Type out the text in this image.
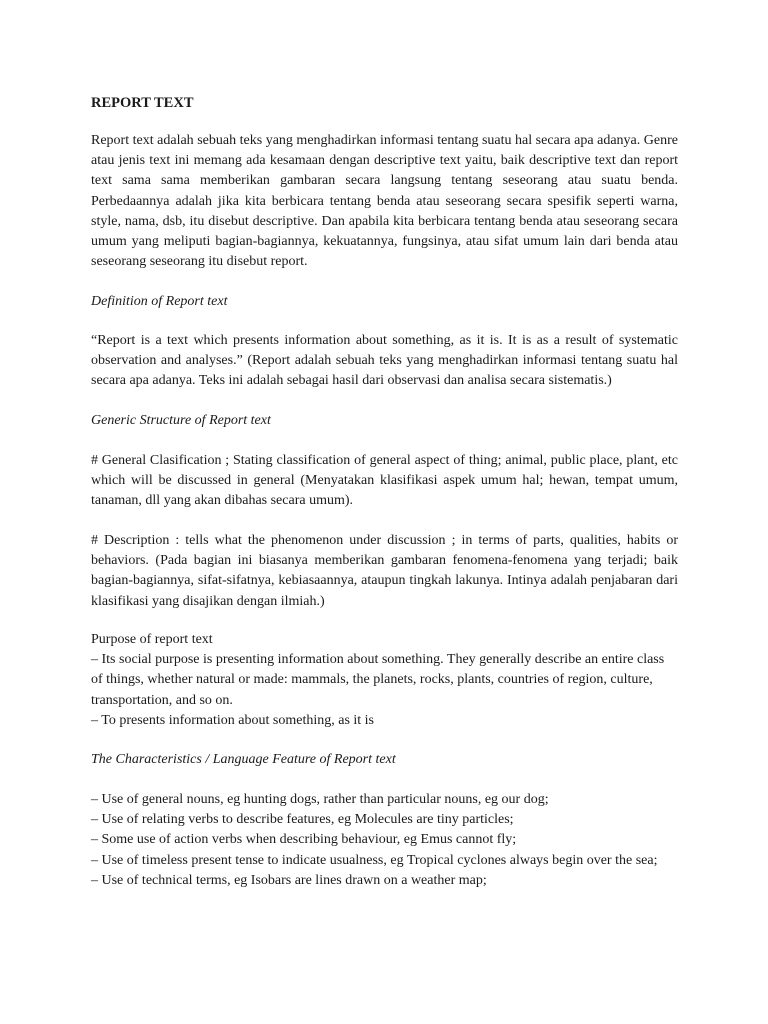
REPORT TEXT

Report text adalah sebuah teks yang menghadirkan informasi tentang suatu hal secara apa adanya. Genre atau jenis text ini memang ada kesamaan dengan descriptive text yaitu, baik descriptive text dan report text sama sama memberikan gambaran secara langsung tentang seseorang atau suatu benda. Perbedaannya adalah jika kita berbicara tentang benda atau seseorang secara spesifik seperti warna, style, nama, dsb, itu disebut descriptive. Dan apabila kita berbicara tentang benda atau seseorang secara umum yang meliputi bagian-bagiannya, kekuatannya, fungsinya, atau sifat umum lain dari benda atau seseorang seseorang itu disebut report.

Definition of Report text

“Report is a text which presents information about something, as it is. It is as a result of systematic observation and analyses.” (Report adalah sebuah teks yang menghadirkan informasi tentang suatu hal secara apa adanya. Teks ini adalah sebagai hasil dari observasi dan analisa secara sistematis.)

Generic Structure of Report text

# General Clasification ; Stating classification of general aspect of thing; animal, public place, plant, etc which will be discussed in general (Menyatakan klasifikasi aspek umum hal; hewan, tempat umum, tanaman, dll yang akan dibahas secara umum).

# Description : tells what the phenomenon under discussion ; in terms of parts, qualities, habits or behaviors. (Pada bagian ini biasanya memberikan gambaran fenomena-fenomena yang terjadi; baik bagian-bagiannya, sifat-sifatnya, kebiasaannya, ataupun tingkah lakunya. Intinya adalah penjabaran dari klasifikasi yang disajikan dengan ilmiah.)

Purpose of report text
– Its social purpose is presenting information about something. They generally describe an entire class of things, whether natural or made: mammals, the planets, rocks, plants, countries of region, culture, transportation, and so on.
– To presents information about something, as it is

The Characteristics / Language Feature of Report text

– Use of general nouns, eg hunting dogs, rather than particular nouns, eg our dog;
– Use of relating verbs to describe features, eg Molecules are tiny particles;
– Some use of action verbs when describing behaviour, eg Emus cannot fly;
– Use of timeless present tense to indicate usualness, eg Tropical cyclones always begin over the sea;
– Use of technical terms, eg Isobars are lines drawn on a weather map;
